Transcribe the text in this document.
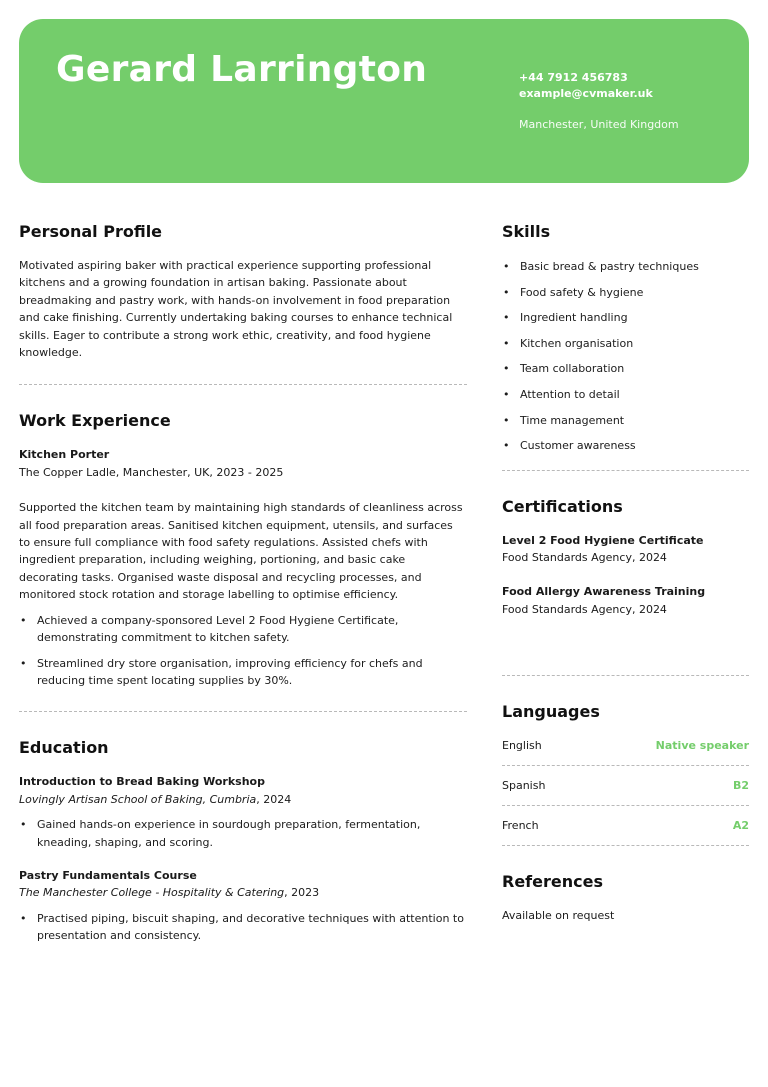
Gerard Larrington	+44 7912 456783
example@cvmaker.uk
Manchester, United Kingdom
Personal Profile
Motivated aspiring baker with practical experience supporting professional kitchens and a growing foundation in artisan baking. Passionate about breadmaking and pastry work, with hands-on involvement in food preparation and cake finishing. Currently undertaking baking courses to enhance technical skills. Eager to contribute a strong work ethic, creativity, and food hygiene knowledge.
Work Experience
Kitchen Porter
The Copper Ladle, Manchester, UK, 2023 - 2025
Supported the kitchen team by maintaining high standards of cleanliness across all food preparation areas. Sanitised kitchen equipment, utensils, and surfaces to ensure full compliance with food safety regulations. Assisted chefs with ingredient preparation, including weighing, portioning, and basic cake decorating tasks. Organised waste disposal and recycling processes, and monitored stock rotation and storage labelling to optimise efficiency.
• Achieved a company-sponsored Level 2 Food Hygiene Certificate, demonstrating commitment to kitchen safety.
• Streamlined dry store organisation, improving efficiency for chefs and reducing time spent locating supplies by 30%.
Education
Introduction to Bread Baking Workshop
Lovingly Artisan School of Baking, Cumbria, 2024
• Gained hands-on experience in sourdough preparation, fermentation, kneading, shaping, and scoring.
Pastry Fundamentals Course
The Manchester College - Hospitality & Catering, 2023
• Practised piping, biscuit shaping, and decorative techniques with attention to presentation and consistency.
Skills
• Basic bread & pastry techniques
• Food safety & hygiene
• Ingredient handling
• Kitchen organisation
• Team collaboration
• Attention to detail
• Time management
• Customer awareness
Certifications
Level 2 Food Hygiene Certificate
Food Standards Agency, 2024
Food Allergy Awareness Training
Food Standards Agency, 2024
Languages
English	Native speaker
Spanish	B2
French	A2
References
Available on request
